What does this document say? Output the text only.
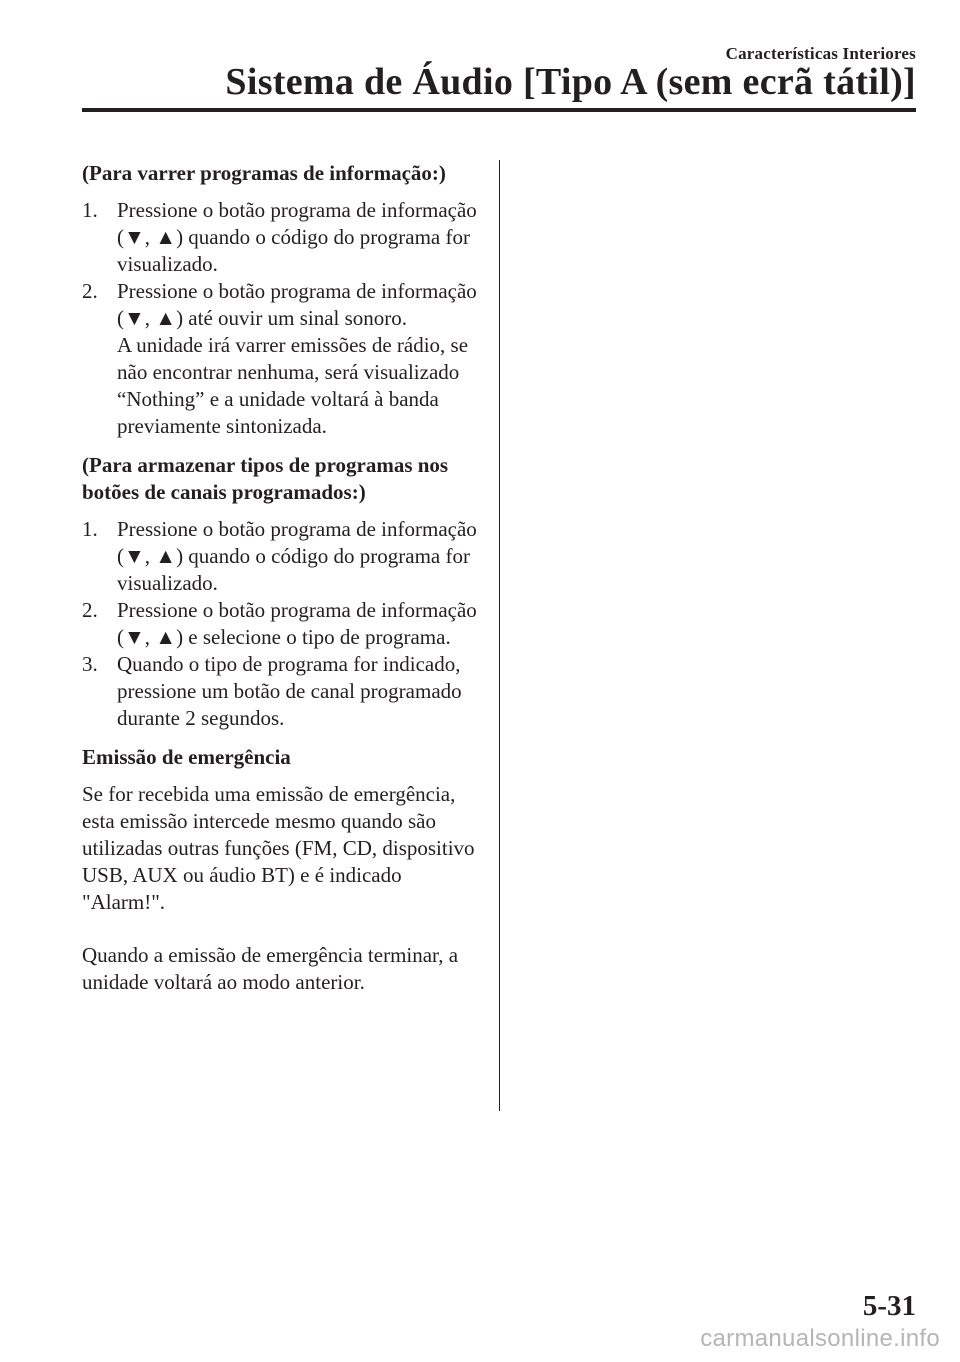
Características Interiores
Sistema de Áudio [Tipo A (sem ecrã tátil)]

(Para varrer programas de informação:)

1. Pressione o botão programa de informação (▼, ▲) quando o código do programa for visualizado.

2. Pressione o botão programa de informação (▼, ▲) até ouvir um sinal sonoro.

A unidade irá varrer emissões de rádio, se não encontrar nenhuma, será visualizado “Nothing” e a unidade voltará à banda previamente sintonizada.

(Para armazenar tipos de programas nos botões de canais programados:)

1. Pressione o botão programa de informação (▼, ▲) quando o código do programa for visualizado.

2. Pressione o botão programa de informação (▼, ▲) e selecione o tipo de programa.

3. Quando o tipo de programa for indicado, pressione um botão de canal programado durante 2 segundos.

Emissão de emergência

Se for recebida uma emissão de emergência, esta emissão intercede mesmo quando são utilizadas outras funções (FM, CD, dispositivo USB, AUX ou áudio BT) e é indicado "Alarm!".

Quando a emissão de emergência terminar, a unidade voltará ao modo anterior.

5-31
carmanualsonline.info
